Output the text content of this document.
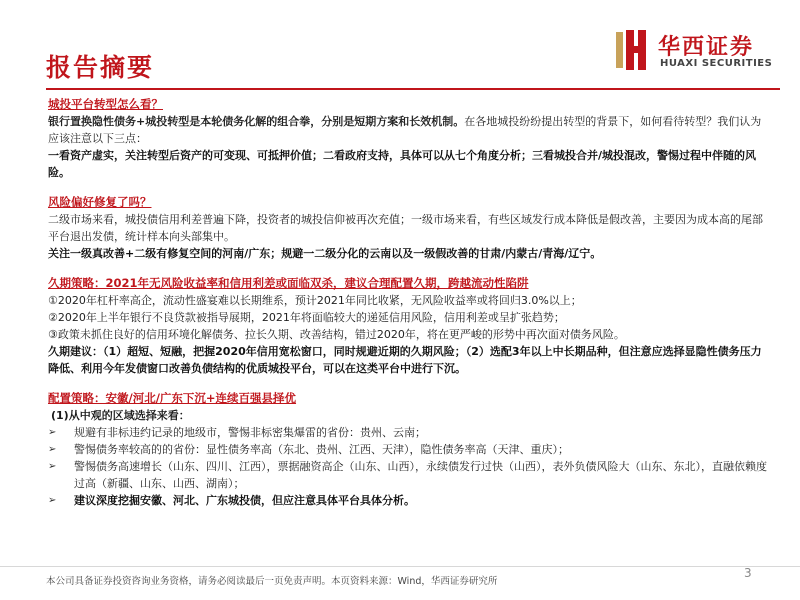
报告摘要
华西证券
HUAXI SECURITIES
城投平台转型怎么看？
银行置换隐性债务+城投转型是本轮债务化解的组合拳，分别是短期方案和长效机制。在各地城投纷纷提出转型的背景下，如何看待转型？我们认为应该注意以下三点：
一看资产虚实，关注转型后资产的可变现、可抵押价值；二看政府支持，具体可以从七个角度分析；三看城投合并/城投混改，警惕过程中伴随的风险。
风险偏好修复了吗？
二级市场来看，城投债信用利差普遍下降，投资者的城投信仰被再次充值；一级市场来看，有些区域发行成本降低是假改善，主要因为成本高的尾部平台退出发债，统计样本向头部集中。
关注一级真改善+二级有修复空间的河南/广东；规避一二级分化的云南以及一级假改善的甘肃/内蒙古/青海/辽宁。
久期策略：2021年无风险收益率和信用利差或面临双杀，建议合理配置久期，跨越流动性陷阱
①2020年杠杆率高企，流动性盛宴难以长期维系，预计2021年同比收紧，无风险收益率或将回归3.0%以上；
②2020年上半年银行不良贷款被指导展期，2021年将面临较大的递延信用风险，信用利差或呈扩张趋势；
③政策未抓住良好的信用环境化解债务、拉长久期、改善结构，错过2020年，将在更严峻的形势中再次面对债务风险。
久期建议：（1）超短、短融，把握2020年信用宽松窗口，同时规避近期的久期风险；（2）选配3年以上中长期品种，但注意应选择显隐性债务压力降低、利用今年发债窗口改善负债结构的优质城投平台，可以在这类平台中进行下沉。
配置策略：安徽/河北/广东下沉+连续百强县择优
(1)从中观的区域选择来看：
➢	规避有非标违约记录的地级市，警惕非标密集爆雷的省份：贵州、云南；
➢	警惕债务率较高的的省份：显性债务率高（东北、贵州、江西、天津），隐性债务率高（天津、重庆）；
➢	警惕债务高速增长（山东、四川、江西），票据融资高企（山东、山西），永续债发行过快（山西），表外负债风险大（山东、东北），直融依赖度过高（新疆、山东、山西、湖南）；
➢	建议深度挖掘安徽、河北、广东城投债，但应注意具体平台具体分析。
本公司具备证券投资咨询业务资格，请务必阅读最后一页免责声明。本页资料来源：Wind，华西证券研究所
3
